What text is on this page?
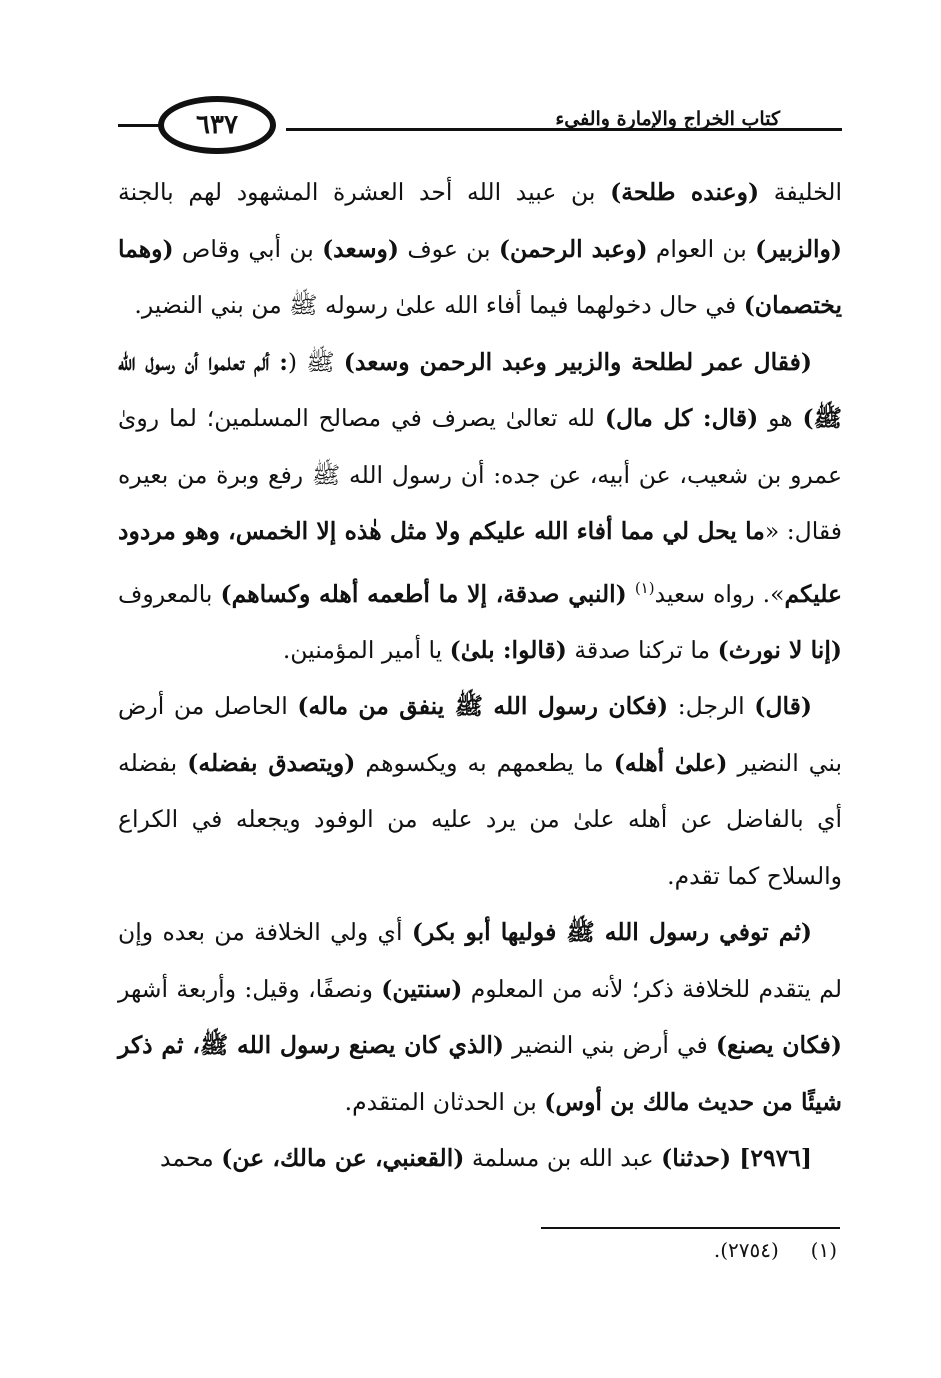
٦٣٧	كتاب الخراج والإمارة والفيء

الخليفة (وعنده طلحة) بن عبيد الله أحد العشرة المشهود لهم بالجنة (والزبير) بن العوام (وعبد الرحمن) بن عوف (وسعد) بن أبي وقاص (وهما يختصمان) في حال دخولهما فيما أفاء الله علىٰ رسوله ﷺ من بني النضير.

(فقال عمر لطلحة والزبير وعبد الرحمن وسعد) ﷺ (: ألم تعلموا أن رسول الله ﷺ) هو (قال: كل مال) لله تعالىٰ يصرف في مصالح المسلمين؛ لما روىٰ عمرو بن شعيب، عن أبيه، عن جده: أن رسول الله ﷺ رفع وبرة من بعيره فقال: «ما يحل لي مما أفاء الله عليكم ولا مثل هٰذه إلا الخمس، وهو مردود عليكم». رواه سعيد$^{(١)}$ (النبي صدقة، إلا ما أطعمه أهله وكساهم) بالمعروف (إنا لا نورث) ما تركنا صدقة (قالوا: بلىٰ) يا أمير المؤمنين.

(قال) الرجل: (فكان رسول الله ﷺ ينفق من ماله) الحاصل من أرض بني النضير (علىٰ أهله) ما يطعمهم به ويكسوهم (ويتصدق بفضله) بفضله أي بالفاضل عن أهله علىٰ من يرد عليه من الوفود ويجعله في الكراع والسلاح كما تقدم.

(ثم توفي رسول الله ﷺ فوليها أبو بكر) أي ولي الخلافة من بعده وإن لم يتقدم للخلافة ذكر؛ لأنه من المعلوم (سنتين) ونصفًا، وقيل: وأربعة أشهر (فكان يصنع) في أرض بني النضير (الذي كان يصنع رسول الله ﷺ، ثم ذكر شيئًا من حديث مالك بن أوس) بن الحدثان المتقدم.

[٢٩٧٦] (حدثنا) عبد الله بن مسلمة (القعنبي، عن مالك، عن) محمد

(١)     (٢٧٥٤).
